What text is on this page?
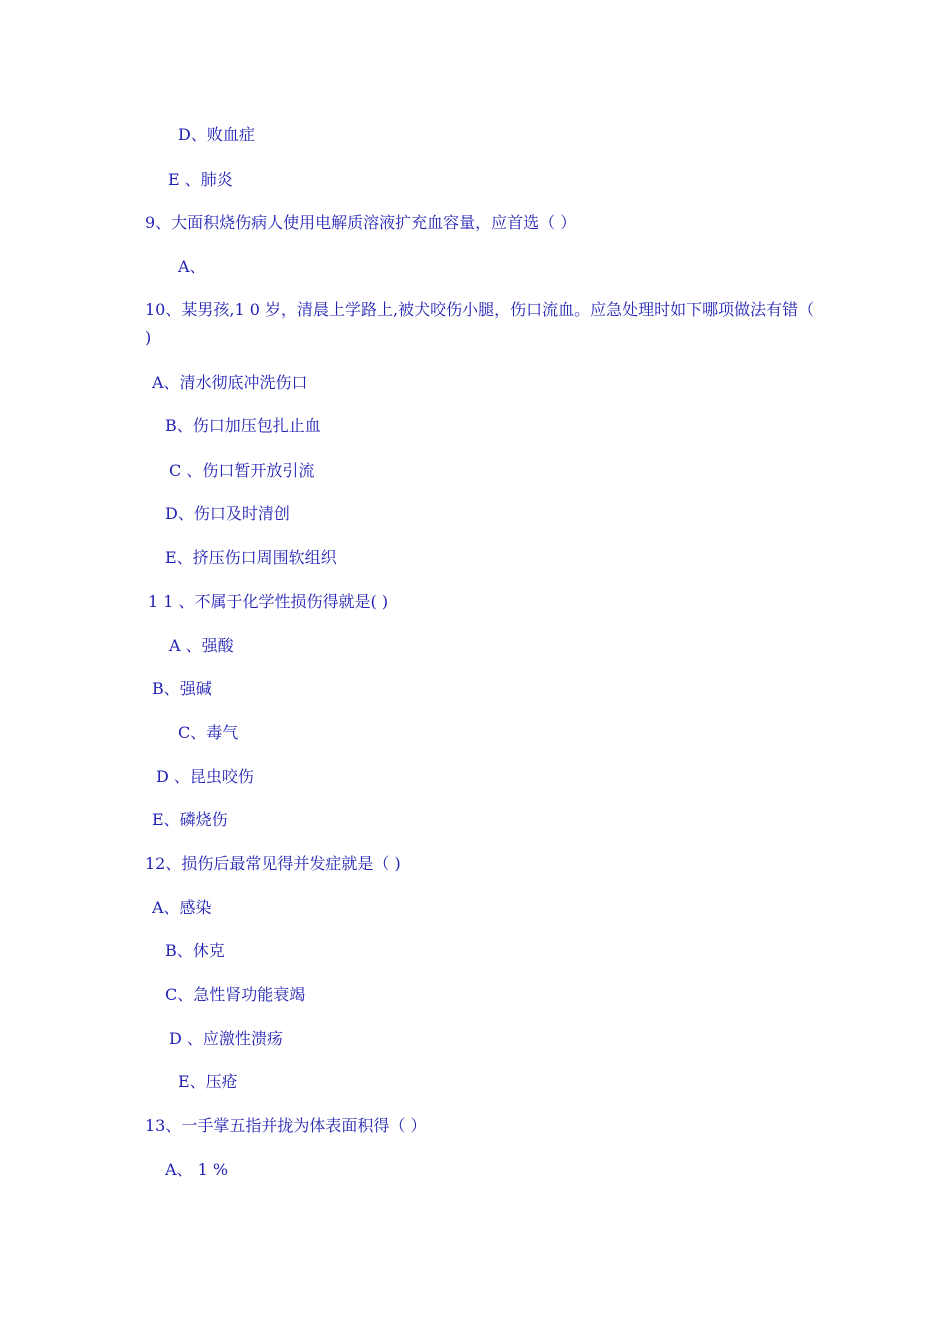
D、败血症

E 、肺炎

9、大面积烧伤病人使用电解质溶液扩充血容量，应首选（ ）

A、

10、某男孩,1 0 岁，清晨上学路上,被犬咬伤小腿，伤口流血。应急处理时如下哪项做法有错（ )

A、清水彻底冲洗伤口

B、伤口加压包扎止血

C 、伤口暂开放引流

D、伤口及时清创

E、挤压伤口周围软组织

1 1 、不属于化学性损伤得就是( )

A 、强酸

B、强碱

C、毒气

D 、昆虫咬伤

E、磷烧伤

12、损伤后最常见得并发症就是（ )

A、感染

B、休克

C、急性肾功能衰竭

D 、应激性溃疡

E、压疮

13、一手掌五指并拢为体表面积得（ ）

A、 1 %
